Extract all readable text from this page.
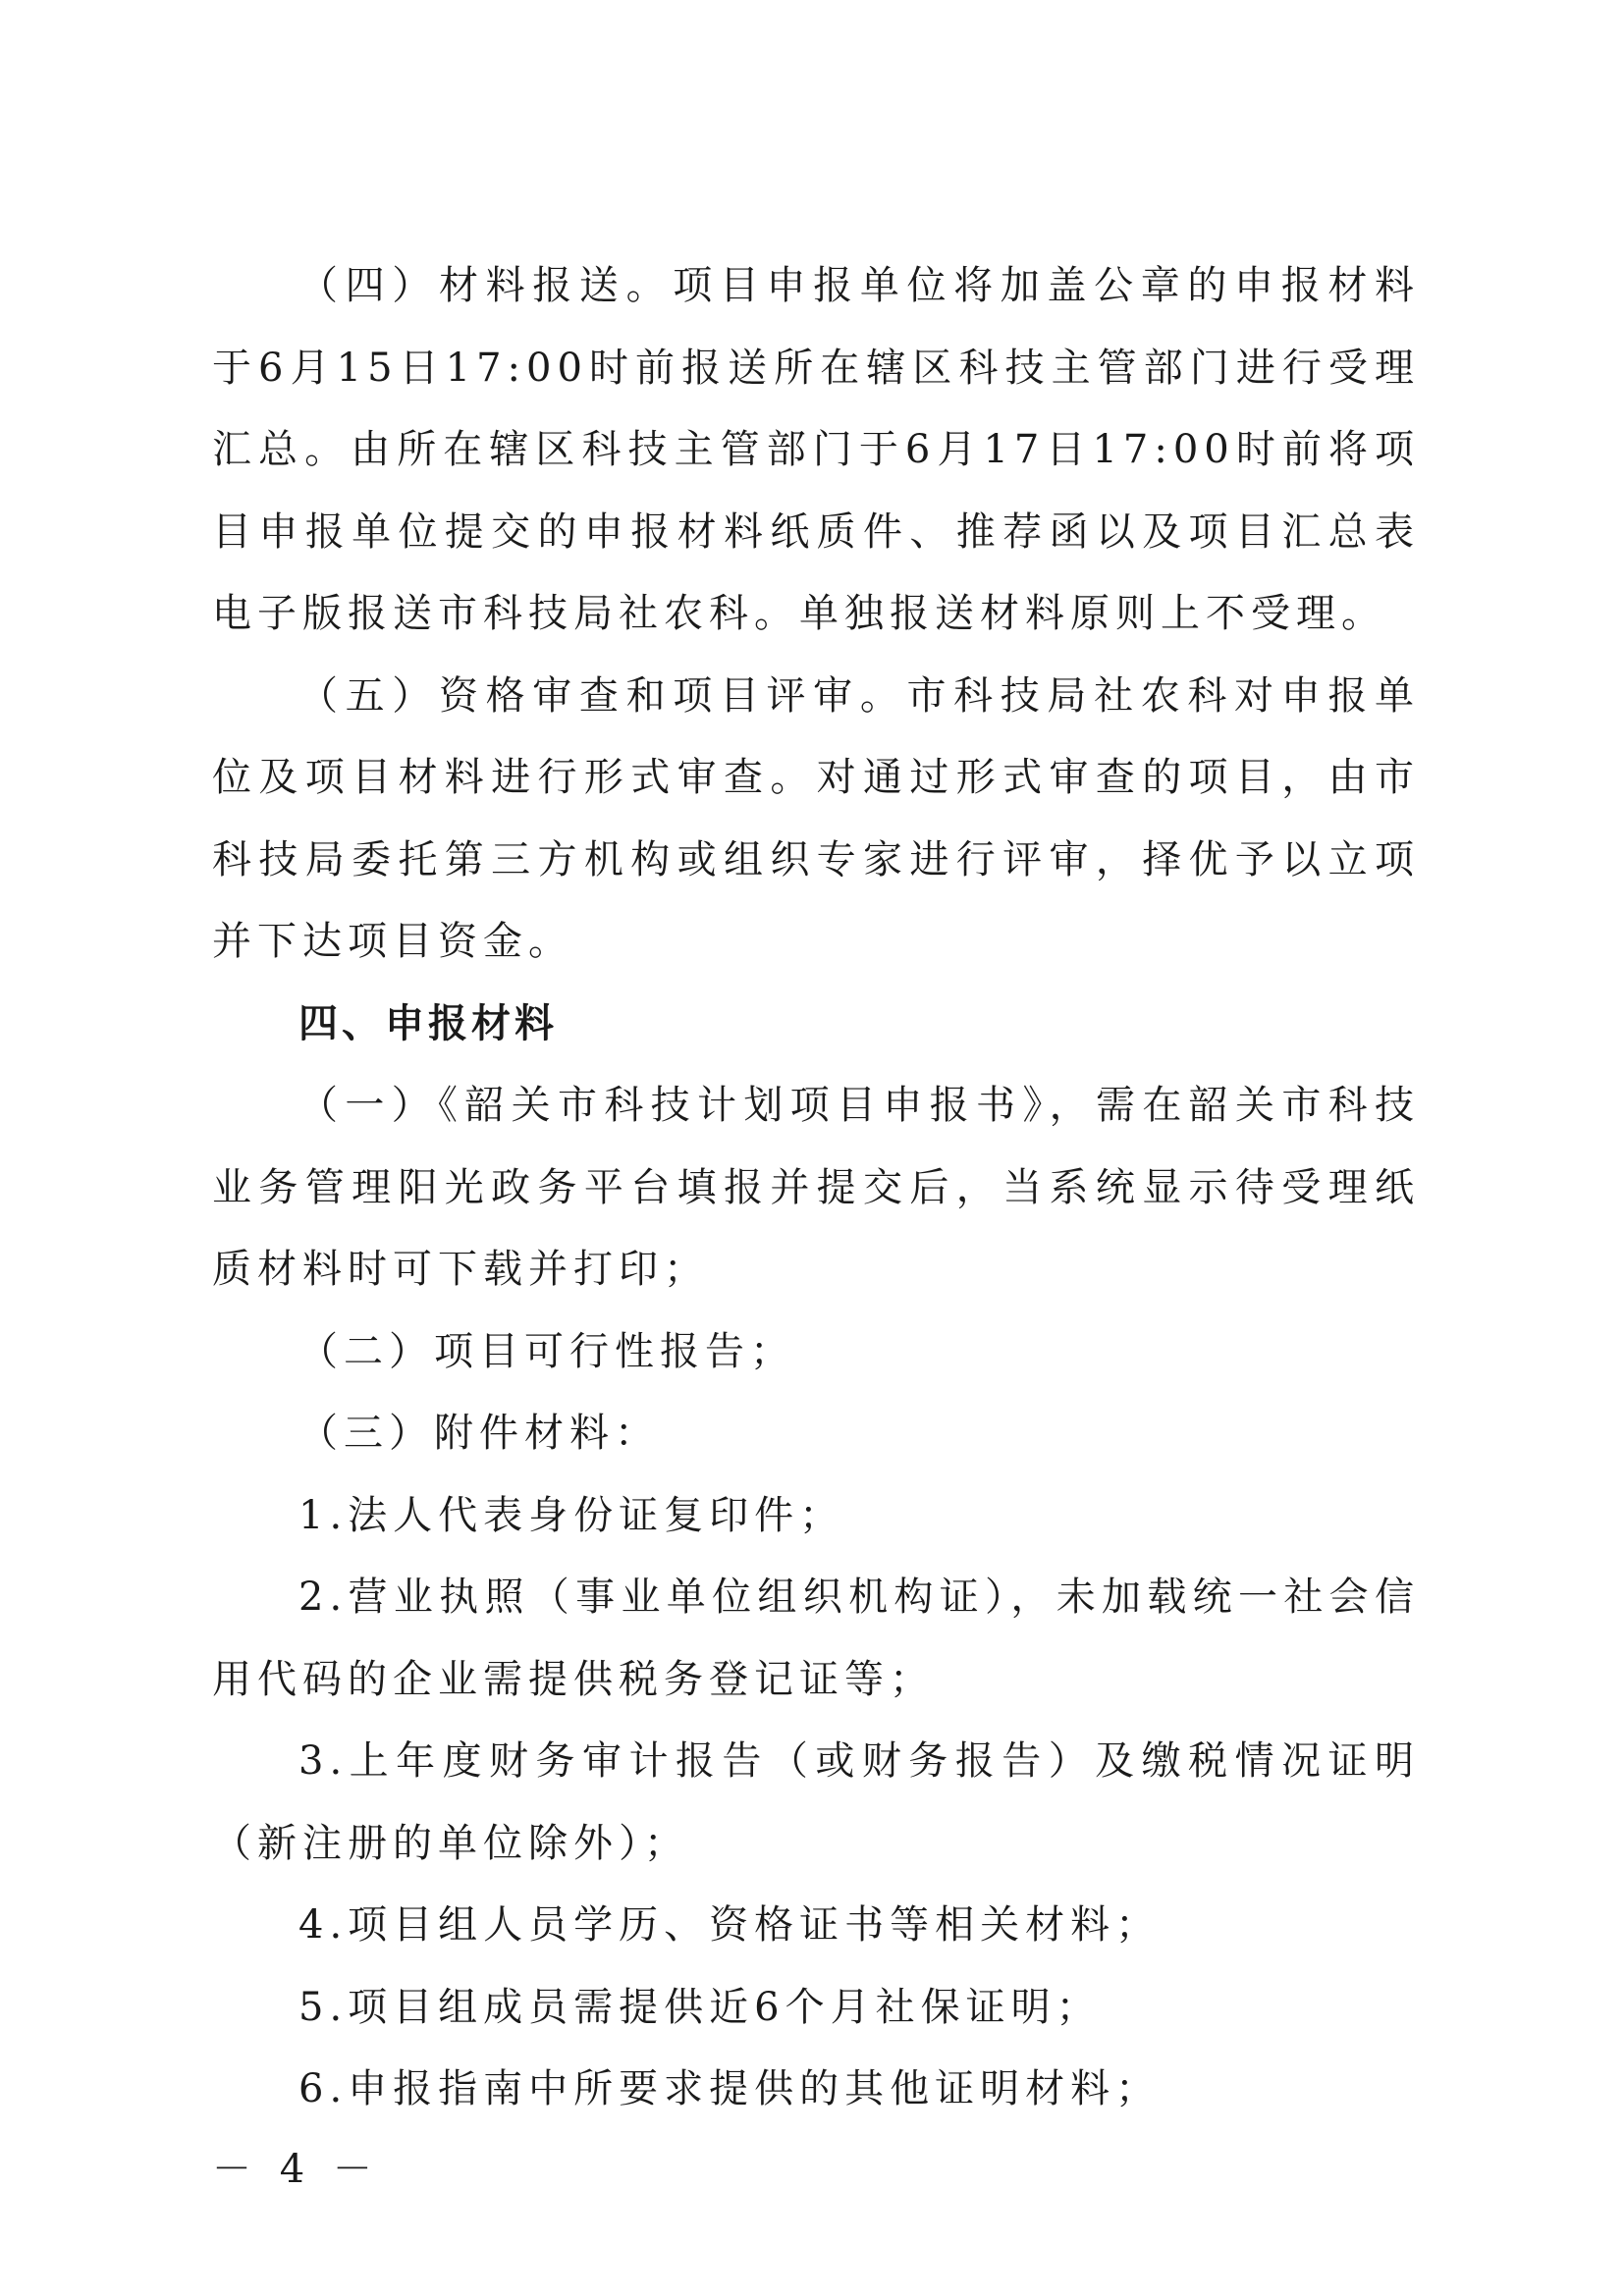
（四）材料报送。项目申报单位将加盖公章的申报材料于6月15日17:00时前报送所在辖区科技主管部门进行受理汇总。由所在辖区科技主管部门于6月17日17:00时前将项目申报单位提交的申报材料纸质件、推荐函以及项目汇总表电子版报送市科技局社农科。单独报送材料原则上不受理。

（五）资格审查和项目评审。市科技局社农科对申报单位及项目材料进行形式审查。对通过形式审查的项目，由市科技局委托第三方机构或组织专家进行评审，择优予以立项并下达项目资金。

四、申报材料

（一）《韶关市科技计划项目申报书》，需在韶关市科技业务管理阳光政务平台填报并提交后，当系统显示待受理纸质材料时可下载并打印；

（二）项目可行性报告；

（三）附件材料：

1.法人代表身份证复印件；

2.营业执照（事业单位组织机构证），未加载统一社会信用代码的企业需提供税务登记证等；

3.上年度财务审计报告（或财务报告）及缴税情况证明（新注册的单位除外）；

4.项目组人员学历、资格证书等相关材料；

5.项目组成员需提供近6个月社保证明；

6.申报指南中所要求提供的其他证明材料；

－ 4 －
